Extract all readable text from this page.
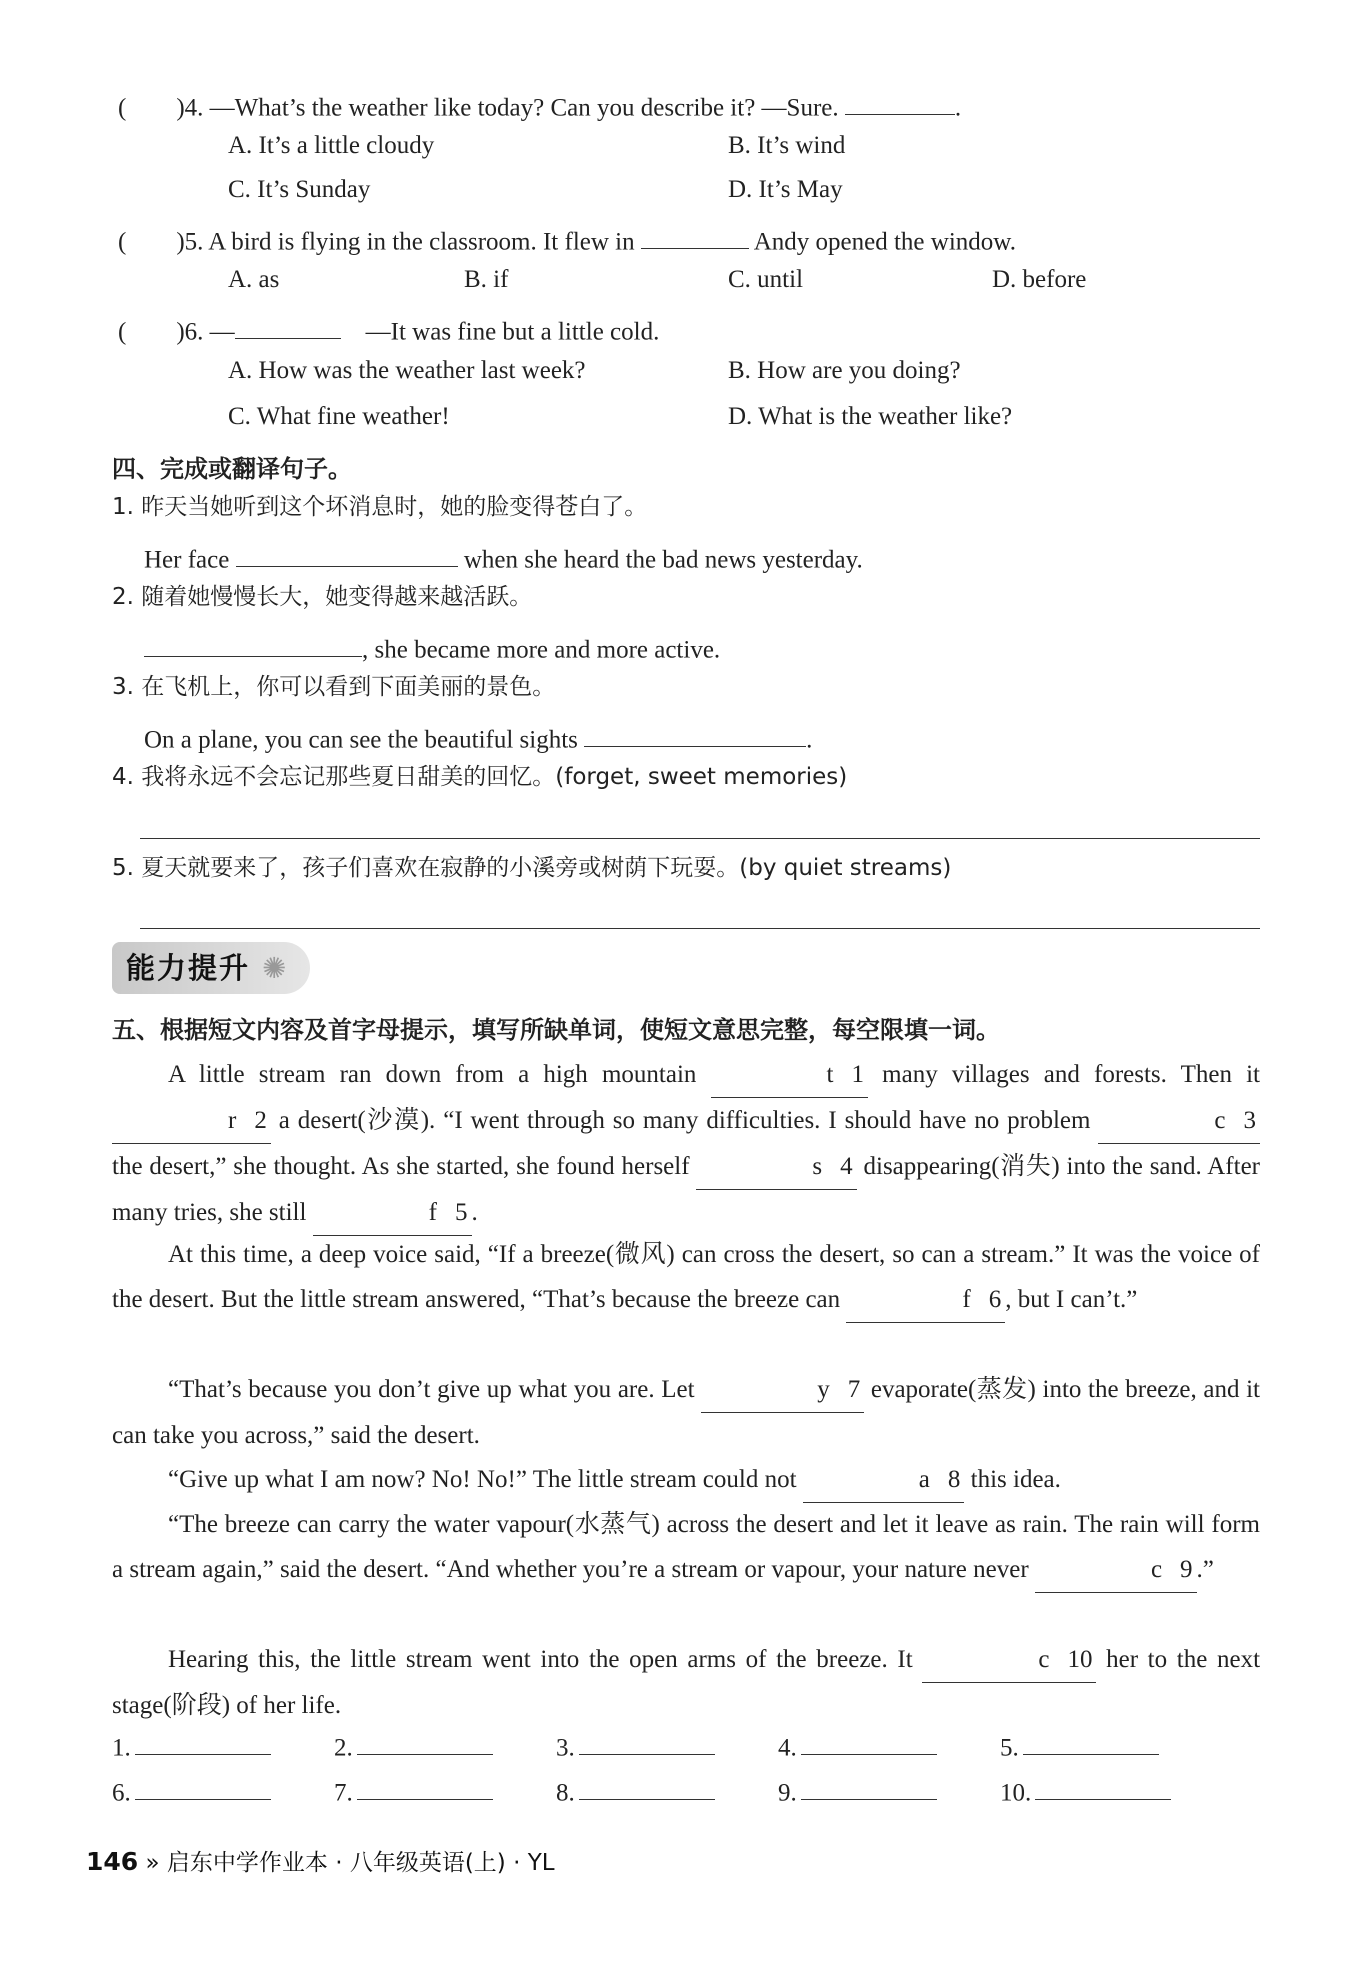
( )4. —What’s the weather like today? Can you describe it? —Sure.	.
A. It’s a little cloudy	B. It’s wind
C. It’s Sunday	D. It’s May
( )5. A bird is flying in the classroom. It flew in	Andy opened the window.
A. as	B. if	C. until	D. before
( )6. —	—It was fine but a little cold.
A. How was the weather last week?	B. How are you doing?
C. What fine weather!	D. What is the weather like?
四、完成或翻译句子。
1. 昨天当她听到这个坏消息时，她的脸变得苍白了。
Her face	when she heard the bad news yesterday.
2. 随着她慢慢长大，她变得越来越活跃。
, she became more and more active.
3. 在飞机上，你可以看到下面美丽的景色。
On a plane, you can see the beautiful sights	.
4. 我将永远不会忘记那些夏日甜美的回忆。(forget, sweet memories)
5. 夏天就要来了，孩子们喜欢在寂静的小溪旁或树荫下玩耍。(by quiet streams)
能力提升 ✺
五、根据短文内容及首字母提示，填写所缺单词，使短文意思完整，每空限填一词。
A little stream ran down from a high mountain	t 1 many villages and forests. Then it r 2 a desert(沙漠). “I went through so many difficulties. I should have no problem	c 3 the desert,” she thought. As she started, she found herself	s 4 disappearing(消失) into the sand. After many tries, she still	f 5 .
At this time, a deep voice said, “If a breeze(微风) can cross the desert, so can a stream.” It was the voice of the desert. But the little stream answered, “That’s because the breeze can	f 6 , but I can’t.”
“That’s because you don’t give up what you are. Let	y 7 evaporate(蒸发) into the breeze, and it can take you across,” said the desert.
“Give up what I am now? No! No!” The little stream could not	a 8 this idea.
“The breeze can carry the water vapour(水蒸气) across the desert and let it leave as rain. The rain will form a stream again,” said the desert. “And whether you’re a stream or vapour, your nature never	c 9 .”
Hearing this, the little stream went into the open arms of the breeze. It	c 10 her to the next stage(阶段) of her life.
1.	2.	3.	4.	5.
6.	7.	8.	9.	10.
146 » 启东中学作业本 · 八年级英语(上) · YL
